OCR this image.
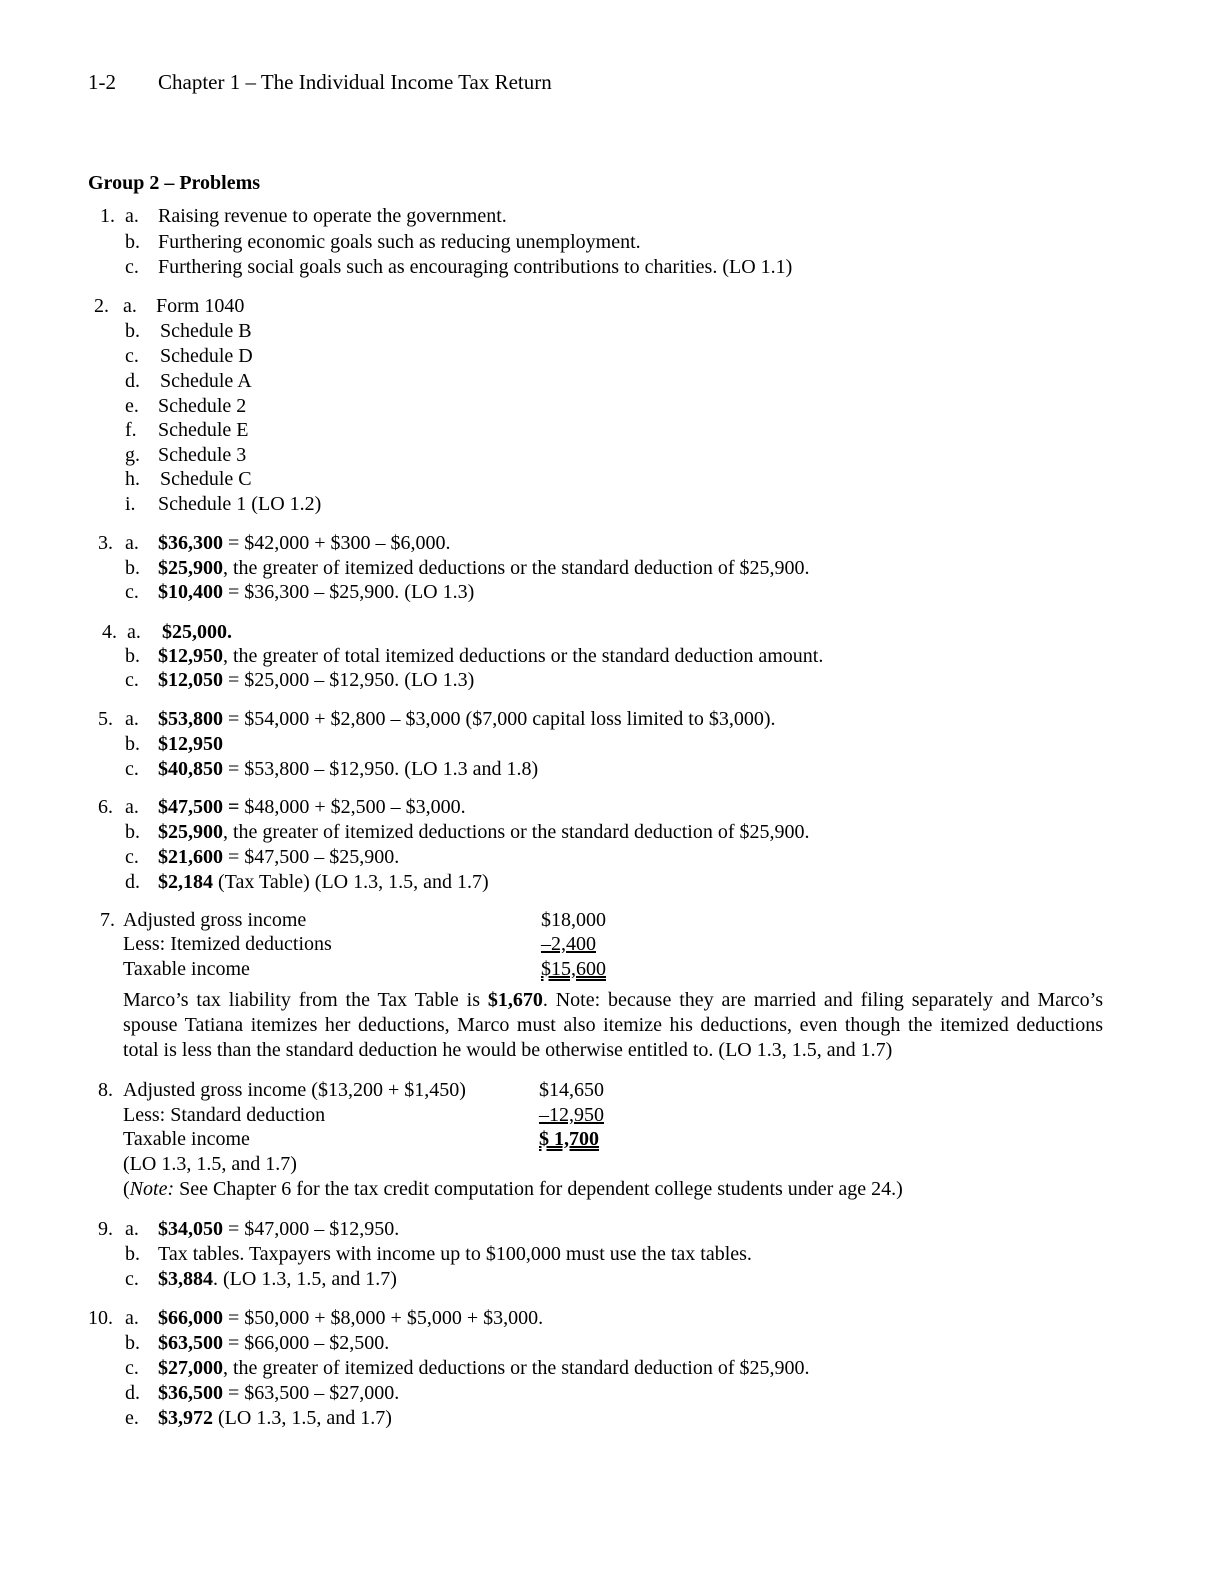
1-2 Chapter 1 – The Individual Income Tax Return
Group 2 – Problems
1. a. Raising revenue to operate the government.
b. Furthering economic goals such as reducing unemployment.
c. Furthering social goals such as encouraging contributions to charities. (LO 1.1)
2. a. Form 1040
b. Schedule B
c. Schedule D
d. Schedule A
e. Schedule 2
f. Schedule E
g. Schedule 3
h. Schedule C
i. Schedule 1 (LO 1.2)
3. a. $36,300 = $42,000 + $300 – $6,000.
b. $25,900, the greater of itemized deductions or the standard deduction of $25,900.
c. $10,400 = $36,300 – $25,900. (LO 1.3)
4. a. $25,000.
b. $12,950, the greater of total itemized deductions or the standard deduction amount.
c. $12,050 = $25,000 – $12,950. (LO 1.3)
5. a. $53,800 = $54,000 + $2,800 – $3,000 ($7,000 capital loss limited to $3,000).
b. $12,950
c. $40,850 = $53,800 – $12,950. (LO 1.3 and 1.8)
6. a. $47,500 = $48,000 + $2,500 – $3,000.
b. $25,900, the greater of itemized deductions or the standard deduction of $25,900.
c. $21,600 = $47,500 – $25,900.
d. $2,184 (Tax Table) (LO 1.3, 1.5, and 1.7)
7. Adjusted gross income	$18,000
Less: Itemized deductions	–2,400
Taxable income	$15,600
Marco’s tax liability from the Tax Table is $1,670. Note: because they are married and filing separately and Marco’s spouse Tatiana itemizes her deductions, Marco must also itemize his deductions, even though the itemized deductions total is less than the standard deduction he would be otherwise entitled to. (LO 1.3, 1.5, and 1.7)
8. Adjusted gross income ($13,200 + $1,450)	$14,650
Less: Standard deduction	–12,950
Taxable income	$ 1,700
(LO 1.3, 1.5, and 1.7)
(Note: See Chapter 6 for the tax credit computation for dependent college students under age 24.)
9. a. $34,050 = $47,000 – $12,950.
b. Tax tables. Taxpayers with income up to $100,000 must use the tax tables.
c. $3,884. (LO 1.3, 1.5, and 1.7)
10. a. $66,000 = $50,000 + $8,000 + $5,000 + $3,000.
b. $63,500 = $66,000 – $2,500.
c. $27,000, the greater of itemized deductions or the standard deduction of $25,900.
d. $36,500 = $63,500 – $27,000.
e. $3,972 (LO 1.3, 1.5, and 1.7)
